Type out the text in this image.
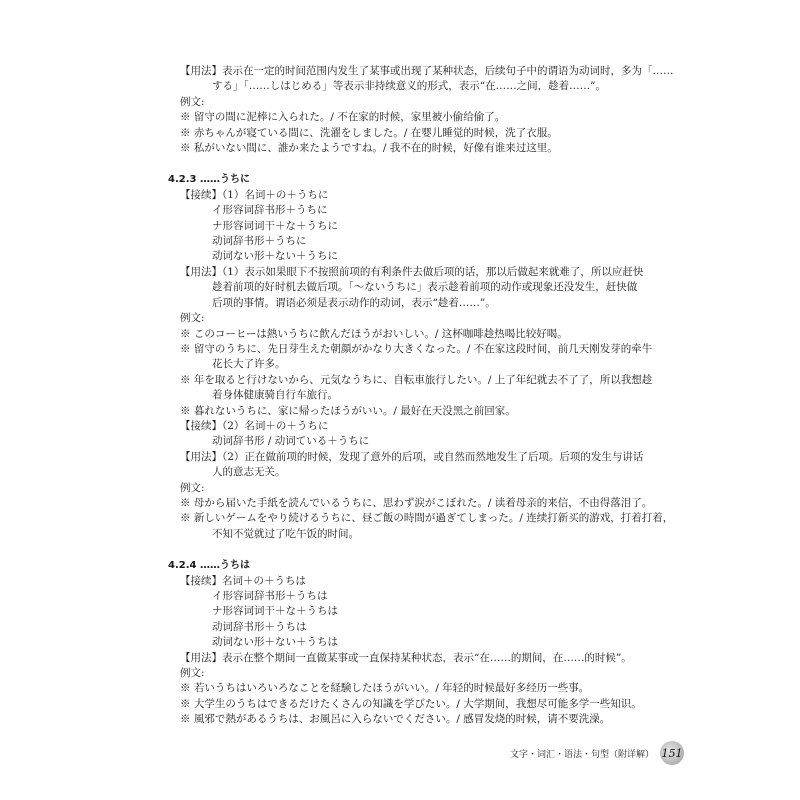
【用法】表示在一定的时间范围内发生了某事或出现了某种状态，后续句子中的谓语为动词时，多为「……
する」「……しはじめる」等表示非持续意义的形式，表示“在……之间，趁着……”。
例文:
※ 留守の間に泥棒に入られた。/ 不在家的时候，家里被小偷给偷了。
※ 赤ちゃんが寝ている間に、洗濯をしました。/ 在婴儿睡觉的时候，洗了衣服。
※ 私がいない間に、誰か来たようですね。/ 我不在的时候，好像有谁来过这里。
4.2.3 ……うちに
【接续】（1）名词＋の＋うちに
イ形容词辞书形＋うちに
ナ形容词词干＋な＋うちに
动词辞书形＋うちに
动词ない形＋ない＋うちに
【用法】（1）表示如果眼下不按照前项的有利条件去做后项的话，那以后做起来就难了，所以应赶快
趁着前项的好时机去做后项。「～ないうちに」表示趁着前项的动作或现象还没发生，赶快做
后项的事情。谓语必须是表示动作的动词，表示“趁着……”。
例文:
※ このコーヒーは熱いうちに飲んだほうがおいしい。/ 这杯咖啡趁热喝比较好喝。
※ 留守のうちに、先日芽生えた朝顔がかなり大きくなった。/ 不在家这段时间，前几天刚发芽的牵牛
花长大了许多。
※ 年を取ると行けないから、元気なうちに、自転車旅行したい。/ 上了年纪就去不了了，所以我想趁
着身体健康骑自行车旅行。
※ 暮れないうちに、家に帰ったほうがいい。/ 最好在天没黑之前回家。
【接续】（2）名词＋の＋うちに
动词辞书形 / 动词ている＋うちに
【用法】（2）正在做前项的时候，发现了意外的后项，或自然而然地发生了后项。后项的发生与讲话
人的意志无关。
例文:
※ 母から届いた手紙を読んでいるうちに、思わず涙がこぼれた。/ 读着母亲的来信，不由得落泪了。
※ 新しいゲームをやり続けるうちに、昼ご飯の時間が過ぎてしまった。/ 连续打新买的游戏，打着打着，
不知不觉就过了吃午饭的时间。
4.2.4 ……うちは
【接续】名词＋の＋うちは
イ形容词辞书形＋うちは
ナ形容词词干＋な＋うちは
动词辞书形＋うちは
动词ない形＋ない＋うちは
【用法】表示在整个期间一直做某事或一直保持某种状态，表示“在……的期间，在……的时候”。
例文:
※ 若いうちはいろいろなことを経験したほうがいい。/ 年轻的时候最好多经历一些事。
※ 大学生のうちはできるだけたくさんの知識を学びたい。/ 大学期间，我想尽可能多学一些知识。
※ 風邪で熱があるうちは、お風呂に入らないでください。/ 感冒发烧的时候，请不要洗澡。
文字・词汇・语法・句型（附详解） 151
